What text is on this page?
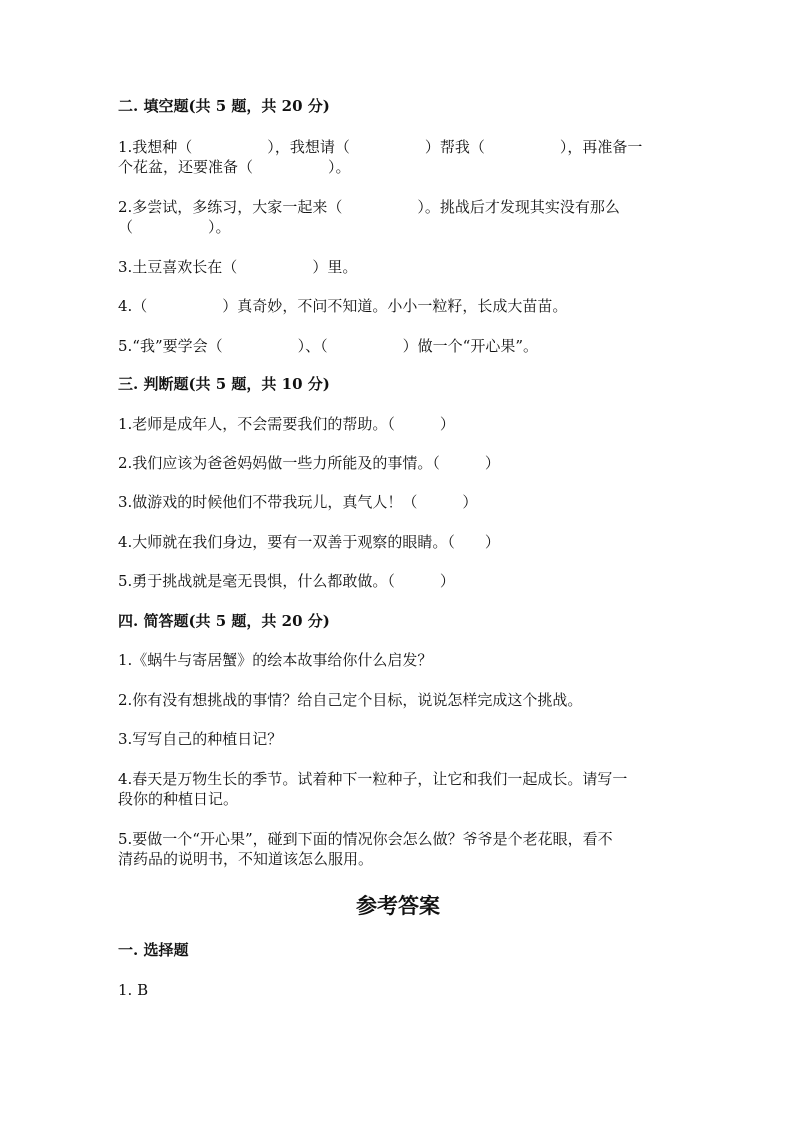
二. 填空题(共 5 题，共 20 分)
1.我想种（　　　　　），我想请（　　　　　）帮我（　　　　　），再准备一
个花盆，还要准备（　　　　　）。
2.多尝试，多练习，大家一起来（　　　　　）。挑战后才发现其实没有那么
（　　　　　）。
3.土豆喜欢长在（　　　　　）里。
4.（　　　　　）真奇妙，不问不知道。小小一粒籽，长成大苗苗。
5.“我”要学会（　　　　　）、（　　　　　）做一个“开心果”。
三. 判断题(共 5 题，共 10 分)
1.老师是成年人，不会需要我们的帮助。（　　　）
2.我们应该为爸爸妈妈做一些力所能及的事情。（　　　）
3.做游戏的时候他们不带我玩儿，真气人！（　　　）
4.大师就在我们身边，要有一双善于观察的眼睛。（　　）
5.勇于挑战就是毫无畏惧，什么都敢做。（　　　）
四. 简答题(共 5 题，共 20 分)
1.《蜗牛与寄居蟹》的绘本故事给你什么启发？
2.你有没有想挑战的事情？给自己定个目标，说说怎样完成这个挑战。
3.写写自己的种植日记？
4.春天是万物生长的季节。试着种下一粒种子，让它和我们一起成长。请写一
段你的种植日记。
5.要做一个“开心果”，碰到下面的情况你会怎么做？爷爷是个老花眼，看不
清药品的说明书，不知道该怎么服用。
参考答案
一. 选择题
1. B
